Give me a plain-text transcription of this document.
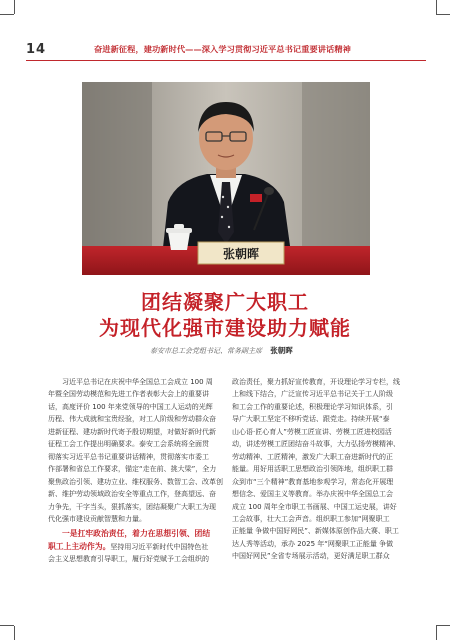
14	奋进新征程，建功新时代——深入学习贯彻习近平总书记重要讲话精神
张朝晖
团结凝聚广大职工
为现代化强市建设助力赋能
泰安市总工会党组书记、常务副主席 张朝晖
习近平总书记在庆祝中华全国总工会成立 100 周
年暨全国劳动模范和先进工作者表彰大会上的重要讲
话，高度评价 100 年来党领导的中国工人运动的光辉
历程、伟大成就和宝贵经验，对工人阶级和劳动群众奋
进新征程、建功新时代寄予殷切期望，对做好新时代新
征程工会工作提出明确要求。泰安工会系统将全面贯
彻落实习近平总书记重要讲话精神，贯彻落实市委工
作部署和省总工作要求，锚定“走在前、挑大梁”，全力
聚焦政治引领、建功立业、维权服务、数智工会、改革创
新、维护劳动领域政治安全等重点工作，登高望远、奋
力争先，干字当头，狠抓落实，团结凝聚广大职工为现
代化强市建设贡献智慧和力量。
一是扛牢政治责任，着力在思想引领、团结
职工上主动作为。坚持用习近平新时代中国特色社
会主义思想教育引导职工，履行好党赋予工会组织的
政治责任，聚力抓好宣传教育，开设理论学习专栏，线
上和线下结合，广泛宣传习近平总书记关于工人阶级
和工会工作的重要论述，积极理论学习知识体系，引
导广大职工坚定不移听党话、跟党走。持续开展“泰
山心语·匠心育人”劳模工匠宣讲、劳模工匠进校园活
动，讲述劳模工匠团结奋斗故事，大力弘扬劳模精神、
劳动精神、工匠精神，激发广大职工奋进新时代的正
能量。用好用活职工思想政治引领阵地，组织职工群
众到市“三个精神”教育基地参观学习，常态化开展理
想信念、爱国主义等教育。举办庆祝中华全国总工会
成立 100 周年全市职工书画展、中国工运史展，讲好
工会故事，壮大工会声音。组织职工参加“网聚职工
正能量 争做中国好网民”、新媒体原创作品大赛、职工
达人秀等活动，承办 2025 年“网聚职工正能量 争做
中国好网民”全省专场展示活动，更好满足职工群众
